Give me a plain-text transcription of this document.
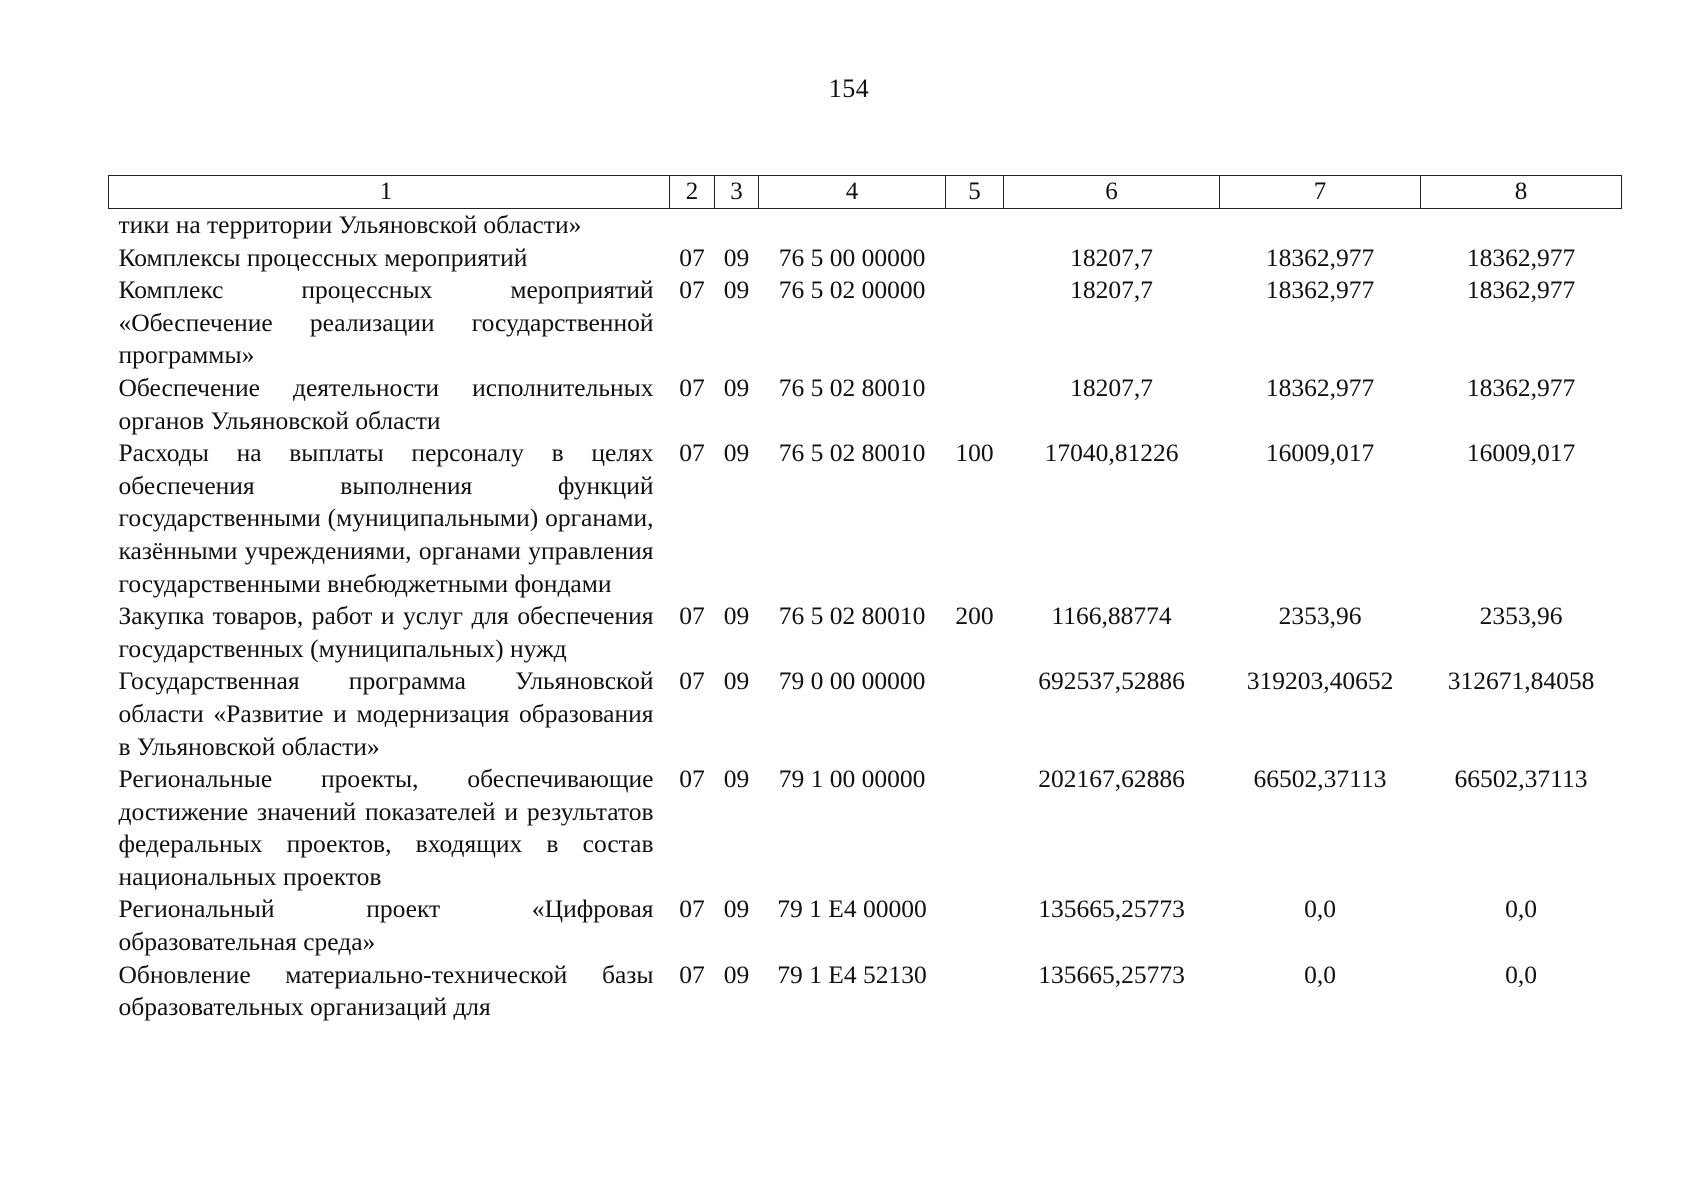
154
1	2	3	4	5	6	7	8
тики на территории Ульяновской области»							
Комплексы процессных мероприятий	07	09	76 5 00 00000		18207,7	18362,977	18362,977
Комплекс процессных мероприятий «Обеспечение реализации государственной программы»	07	09	76 5 02 00000		18207,7	18362,977	18362,977
Обеспечение деятельности исполнительных органов Ульяновской области	07	09	76 5 02 80010		18207,7	18362,977	18362,977
Расходы на выплаты персоналу в целях обеспечения выполнения функций государственными (муниципальными) органами, казёнными учреждениями, органами управления государственными внебюджетными фондами	07	09	76 5 02 80010	100	17040,81226	16009,017	16009,017
Закупка товаров, работ и услуг для обеспечения государственных (муниципальных) нужд	07	09	76 5 02 80010	200	1166,88774	2353,96	2353,96
Государственная программа Ульяновской области «Развитие и модернизация образования в Ульяновской области»	07	09	79 0 00 00000		692537,52886	319203,40652	312671,84058
Региональные проекты, обеспечивающие достижение значений показателей и результатов федеральных проектов, входящих в состав национальных проектов	07	09	79 1 00 00000		202167,62886	66502,37113	66502,37113
Региональный проект «Цифровая образовательная среда»	07	09	79 1 E4 00000		135665,25773	0,0	0,0
Обновление материально-технической базы образовательных организаций для	07	09	79 1 E4 52130		135665,25773	0,0	0,0
